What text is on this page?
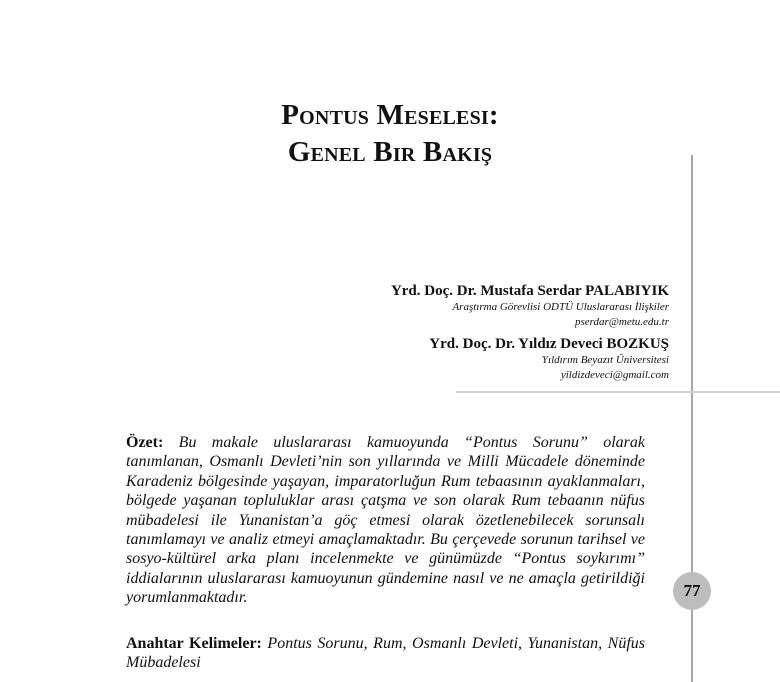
Pontus Meselesi:
Genel Bir Bakış
Yrd. Doç. Dr. Mustafa Serdar PALABIYIK
Araştırma Görevlisi ODTÜ Uluslararası İlişkiler
pserdar@metu.edu.tr
Yrd. Doç. Dr. Yıldız Deveci BOZKUŞ
Yıldırım Beyazıt Üniversitesi
yildizdeveci@gmail.com
Özet: Bu makale uluslararası kamuoyunda “Pontus Sorunu” olarak tanımlanan, Osmanlı Devleti’nin son yıllarında ve Milli Mücadele döneminde Karadeniz bölgesinde yaşayan, imparatorluğun Rum tebaasının ayaklanmaları, bölgede yaşanan topluluklar arası çatşma ve son olarak Rum tebaanın nüfus mübadelesi ile Yunanistan’a göç etmesi olarak özetlenebilecek sorunsalı tanımlamayı ve analiz etmeyi amaçlamaktadır. Bu çerçevede sorunun tarihsel ve sosyo-kültürel arka planı incelenmekte ve günümüzde “Pontus soykırımı” iddialarının uluslararası kamuoyunun gündemine nasıl ve ne amaçla getirildiği yorumlanmaktadır.	77
Anahtar Kelimeler: Pontus Sorunu, Rum, Osmanlı Devleti, Yunanistan, Nüfus Mübadelesi
